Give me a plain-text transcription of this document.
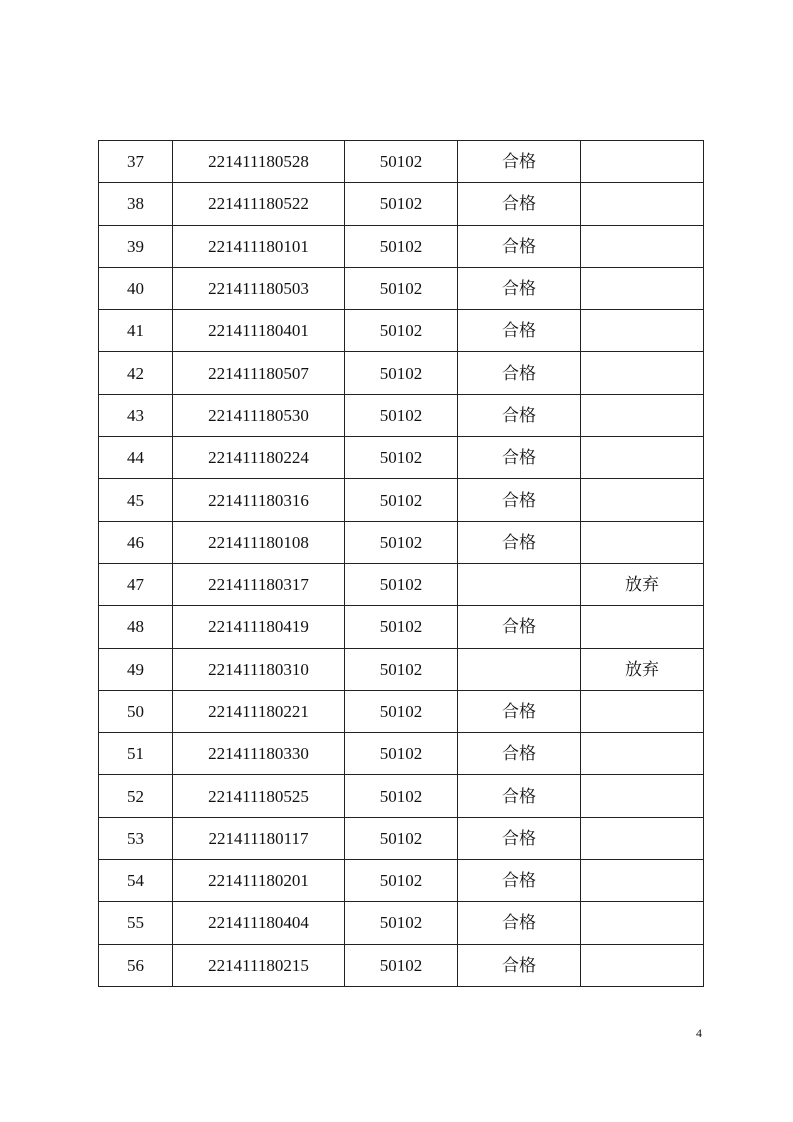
37	221411180528	50102	合格	
38	221411180522	50102	合格	
39	221411180101	50102	合格	
40	221411180503	50102	合格	
41	221411180401	50102	合格	
42	221411180507	50102	合格	
43	221411180530	50102	合格	
44	221411180224	50102	合格	
45	221411180316	50102	合格	
46	221411180108	50102	合格	
47	221411180317	50102		放弃
48	221411180419	50102	合格	
49	221411180310	50102		放弃
50	221411180221	50102	合格	
51	221411180330	50102	合格	
52	221411180525	50102	合格	
53	221411180117	50102	合格	
54	221411180201	50102	合格	
55	221411180404	50102	合格	
56	221411180215	50102	合格	
4
